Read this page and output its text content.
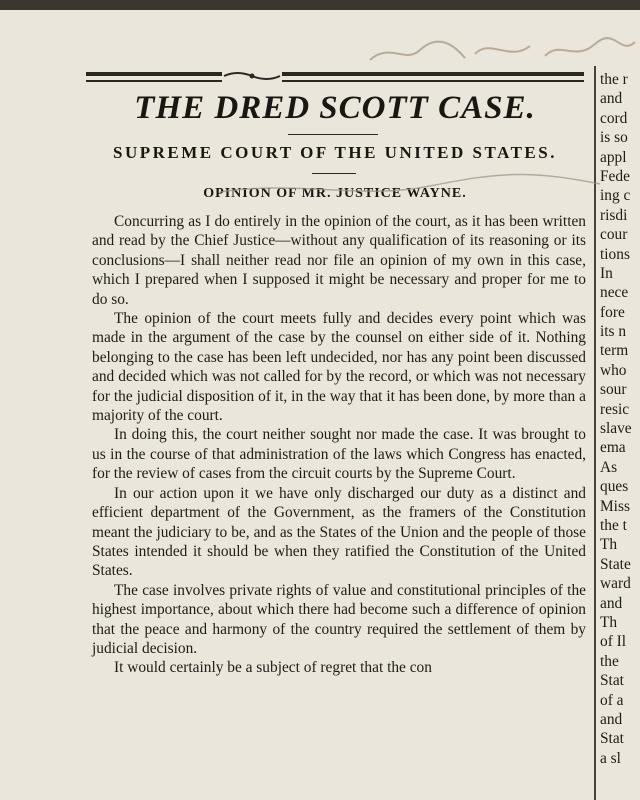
THE DRED SCOTT CASE.
SUPREME COURT OF THE UNITED STATES.
OPINION OF MR. JUSTICE WAYNE.

Concurring as I do entirely in the opinion of the court, as it has been written and read by the Chief Justice—without any qualification of its reasoning or its conclusions—I shall neither read nor file an opinion of my own in this case, which I prepared when I supposed it might be necessary and proper for me to do so.

The opinion of the court meets fully and decides every point which was made in the argument of the case by the counsel on either side of it. Nothing belonging to the case has been left undecided, nor has any point been discussed and decided which was not called for by the record, or which was not necessary for the judicial disposition of it, in the way that it has been done, by more than a majority of the court.

In doing this, the court neither sought nor made the case. It was brought to us in the course of that administration of the laws which Congress has enacted, for the review of cases from the circuit courts by the Supreme Court.

In our action upon it we have only discharged our duty as a distinct and efficient department of the Government, as the framers of the Constitution meant the judiciary to be, and as the States of the Union and the people of those States intended it should be when they ratified the Constitution of the United States.

The case involves private rights of value and constitutional principles of the highest importance, about which there had become such a difference of opinion that the peace and harmony of the country required the settlement of them by judicial decision.

It would certainly be a subject of regret that the con

the r
and
cord
is so
appl
Fede
ing c
risdi
cour
tions
In
nece
fore
its n
term
who
sour
resic
slave
ema
As
ques
Miss
the t
Th
State
ward
and
Th
of Il
the
Stat
of a
and
Stat
a sl
